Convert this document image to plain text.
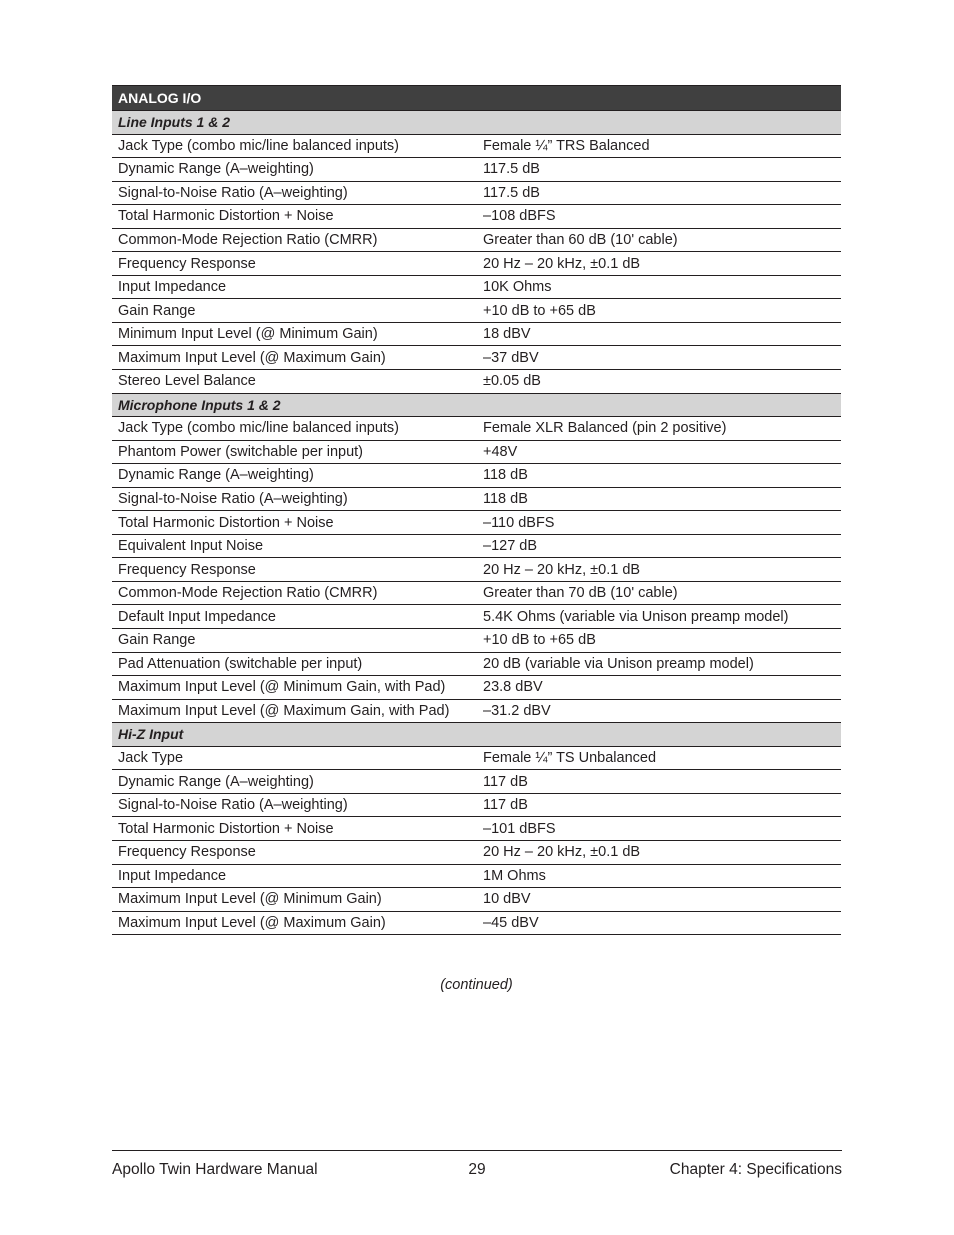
ANALOG I/O
Line Inputs 1 & 2
Jack Type (combo mic/line balanced inputs)	Female ¼” TRS Balanced
Dynamic Range (A–weighting)	117.5 dB
Signal-to-Noise Ratio (A–weighting)	117.5 dB
Total Harmonic Distortion + Noise	–108 dBFS
Common-Mode Rejection Ratio (CMRR)	Greater than 60 dB (10' cable)
Frequency Response	20 Hz – 20 kHz, ±0.1 dB
Input Impedance	10K Ohms
Gain Range	+10 dB to +65 dB
Minimum Input Level (@ Minimum Gain)	18 dBV
Maximum Input Level (@ Maximum Gain)	–37 dBV
Stereo Level Balance	±0.05 dB
Microphone Inputs 1 & 2
Jack Type (combo mic/line balanced inputs)	Female XLR Balanced (pin 2 positive)
Phantom Power (switchable per input)	+48V
Dynamic Range (A–weighting)	118 dB
Signal-to-Noise Ratio (A–weighting)	118 dB
Total Harmonic Distortion + Noise	–110 dBFS
Equivalent Input Noise	–127 dB
Frequency Response	20 Hz – 20 kHz, ±0.1 dB
Common-Mode Rejection Ratio (CMRR)	Greater than 70 dB (10' cable)
Default Input Impedance	5.4K Ohms (variable via Unison preamp model)
Gain Range	+10 dB to +65 dB
Pad Attenuation (switchable per input)	20 dB (variable via Unison preamp model)
Maximum Input Level (@ Minimum Gain, with Pad)	23.8 dBV
Maximum Input Level (@ Maximum Gain, with Pad)	–31.2 dBV
Hi-Z Input
Jack Type	Female ¼” TS Unbalanced
Dynamic Range (A–weighting)	117 dB
Signal-to-Noise Ratio (A–weighting)	117 dB
Total Harmonic Distortion + Noise	–101 dBFS
Frequency Response	20 Hz – 20 kHz, ±0.1 dB
Input Impedance	1M Ohms
Maximum Input Level (@ Minimum Gain)	10 dBV
Maximum Input Level (@ Maximum Gain)	–45 dBV
(continued)
Apollo Twin Hardware Manual	29	Chapter 4: Specifications
